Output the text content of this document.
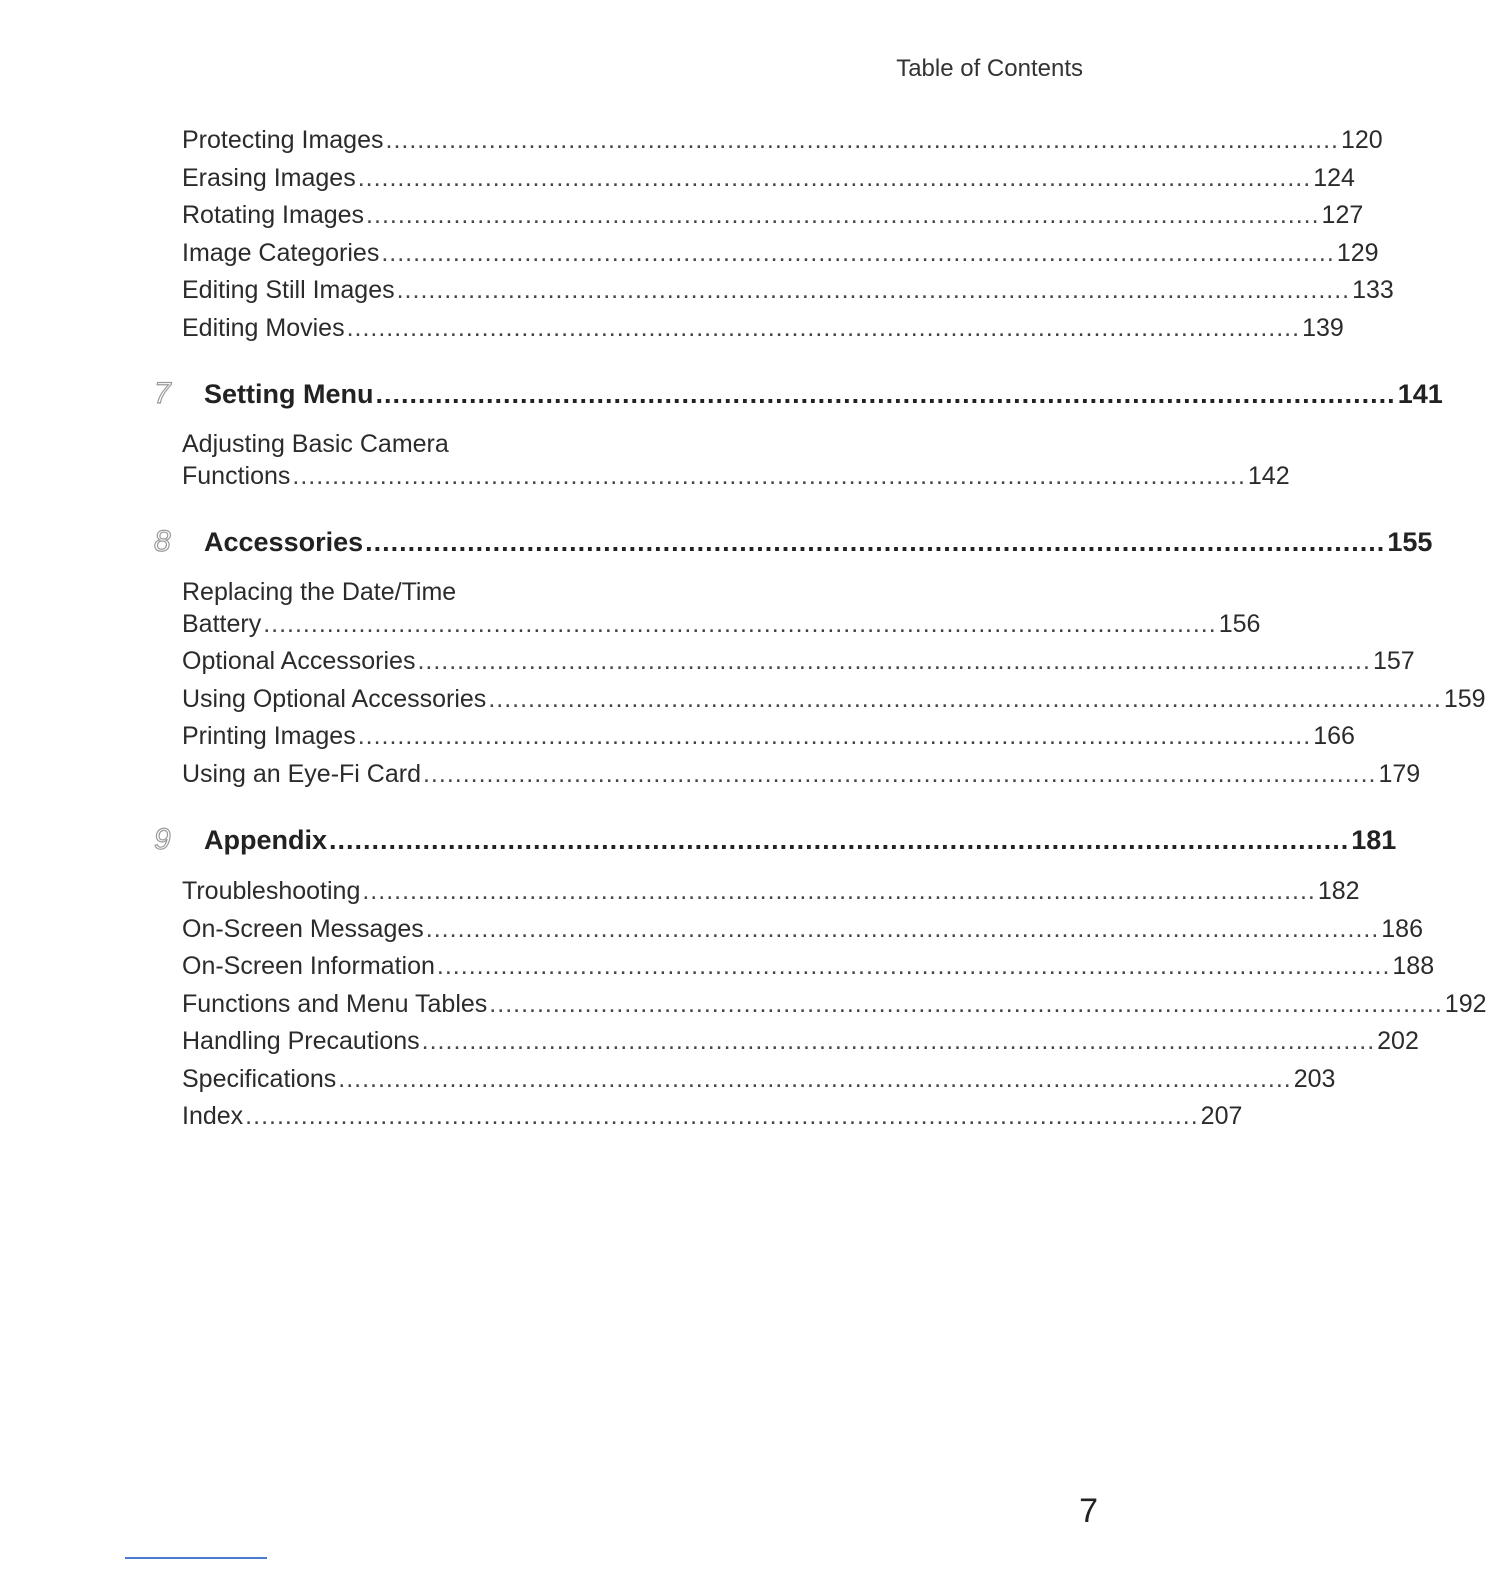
Table of Contents
Protecting Images ........................................................................................................................ 120
Erasing Images ........................................................................................................................ 124
Rotating Images ........................................................................................................................ 127
Image Categories ........................................................................................................................ 129
Editing Still Images ........................................................................................................................ 133
Editing Movies ........................................................................................................................ 139
7	Setting Menu ........................................................................................................................ 141
Adjusting Basic Camera
Functions ........................................................................................................................ 142
8	Accessories ........................................................................................................................ 155
Replacing the Date/Time
Battery ........................................................................................................................ 156
Optional Accessories ........................................................................................................................ 157
Using Optional Accessories ........................................................................................................................ 159
Printing Images ........................................................................................................................ 166
Using an Eye-Fi Card ........................................................................................................................ 179
9	Appendix ........................................................................................................................ 181
Troubleshooting ........................................................................................................................ 182
On-Screen Messages ........................................................................................................................ 186
On-Screen Information ........................................................................................................................ 188
Functions and Menu Tables ........................................................................................................................ 192
Handling Precautions ........................................................................................................................ 202
Specifications ........................................................................................................................ 203
Index ........................................................................................................................ 207
7
